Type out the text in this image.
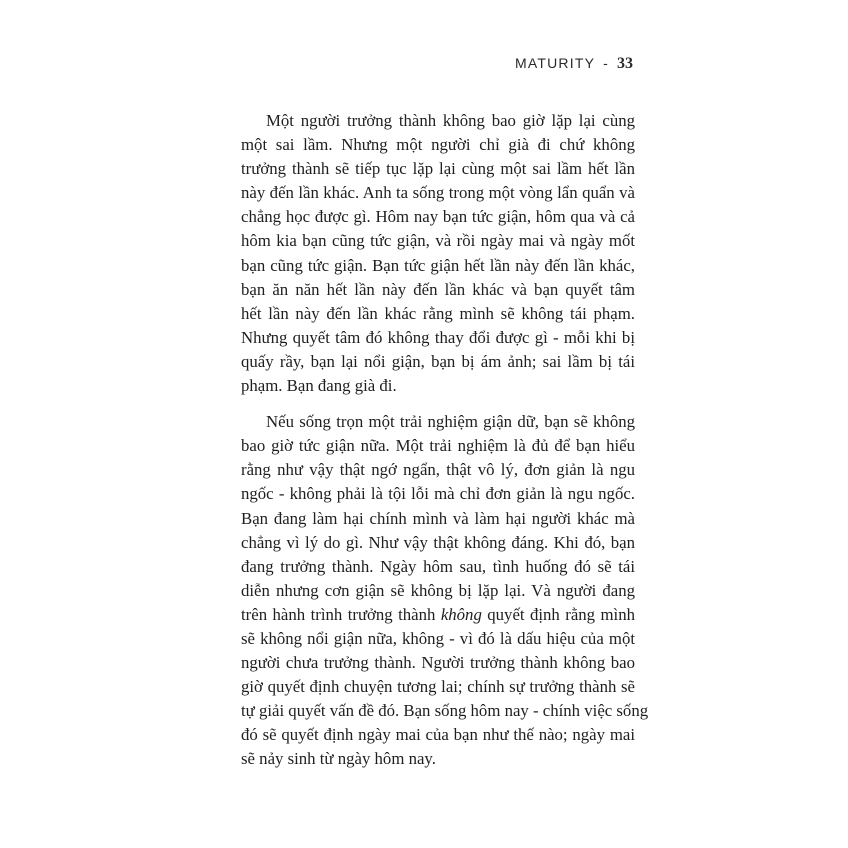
MATURITY - 33
Một người trưởng thành không bao giờ lặp lại cùng
một sai lầm. Nhưng một người chỉ già đi chứ không
trưởng thành sẽ tiếp tục lặp lại cùng một sai lầm hết lần
này đến lần khác. Anh ta sống trong một vòng lẩn quẩn và
chẳng học được gì. Hôm nay bạn tức giận, hôm qua và cả
hôm kia bạn cũng tức giận, và rồi ngày mai và ngày mốt
bạn cũng tức giận. Bạn tức giận hết lần này đến lần khác,
bạn ăn năn hết lần này đến lần khác và bạn quyết tâm
hết lần này đến lần khác rằng mình sẽ không tái phạm.
Nhưng quyết tâm đó không thay đổi được gì - mỗi khi bị
quấy rầy, bạn lại nổi giận, bạn bị ám ảnh; sai lầm bị tái
phạm. Bạn đang già đi.
Nếu sống trọn một trải nghiệm giận dữ, bạn sẽ không
bao giờ tức giận nữa. Một trải nghiệm là đủ để bạn hiểu
rằng như vậy thật ngớ ngẩn, thật vô lý, đơn giản là ngu
ngốc - không phải là tội lỗi mà chỉ đơn giản là ngu ngốc.
Bạn đang làm hại chính mình và làm hại người khác mà
chẳng vì lý do gì. Như vậy thật không đáng. Khi đó, bạn
đang trưởng thành. Ngày hôm sau, tình huống đó sẽ tái
diễn nhưng cơn giận sẽ không bị lặp lại. Và người đang
trên hành trình trưởng thành không quyết định rằng mình
sẽ không nổi giận nữa, không - vì đó là dấu hiệu của một
người chưa trưởng thành. Người trưởng thành không bao
giờ quyết định chuyện tương lai; chính sự trưởng thành sẽ
tự giải quyết vấn đề đó. Bạn sống hôm nay - chính việc sống
đó sẽ quyết định ngày mai của bạn như thế nào; ngày mai
sẽ nảy sinh từ ngày hôm nay.
